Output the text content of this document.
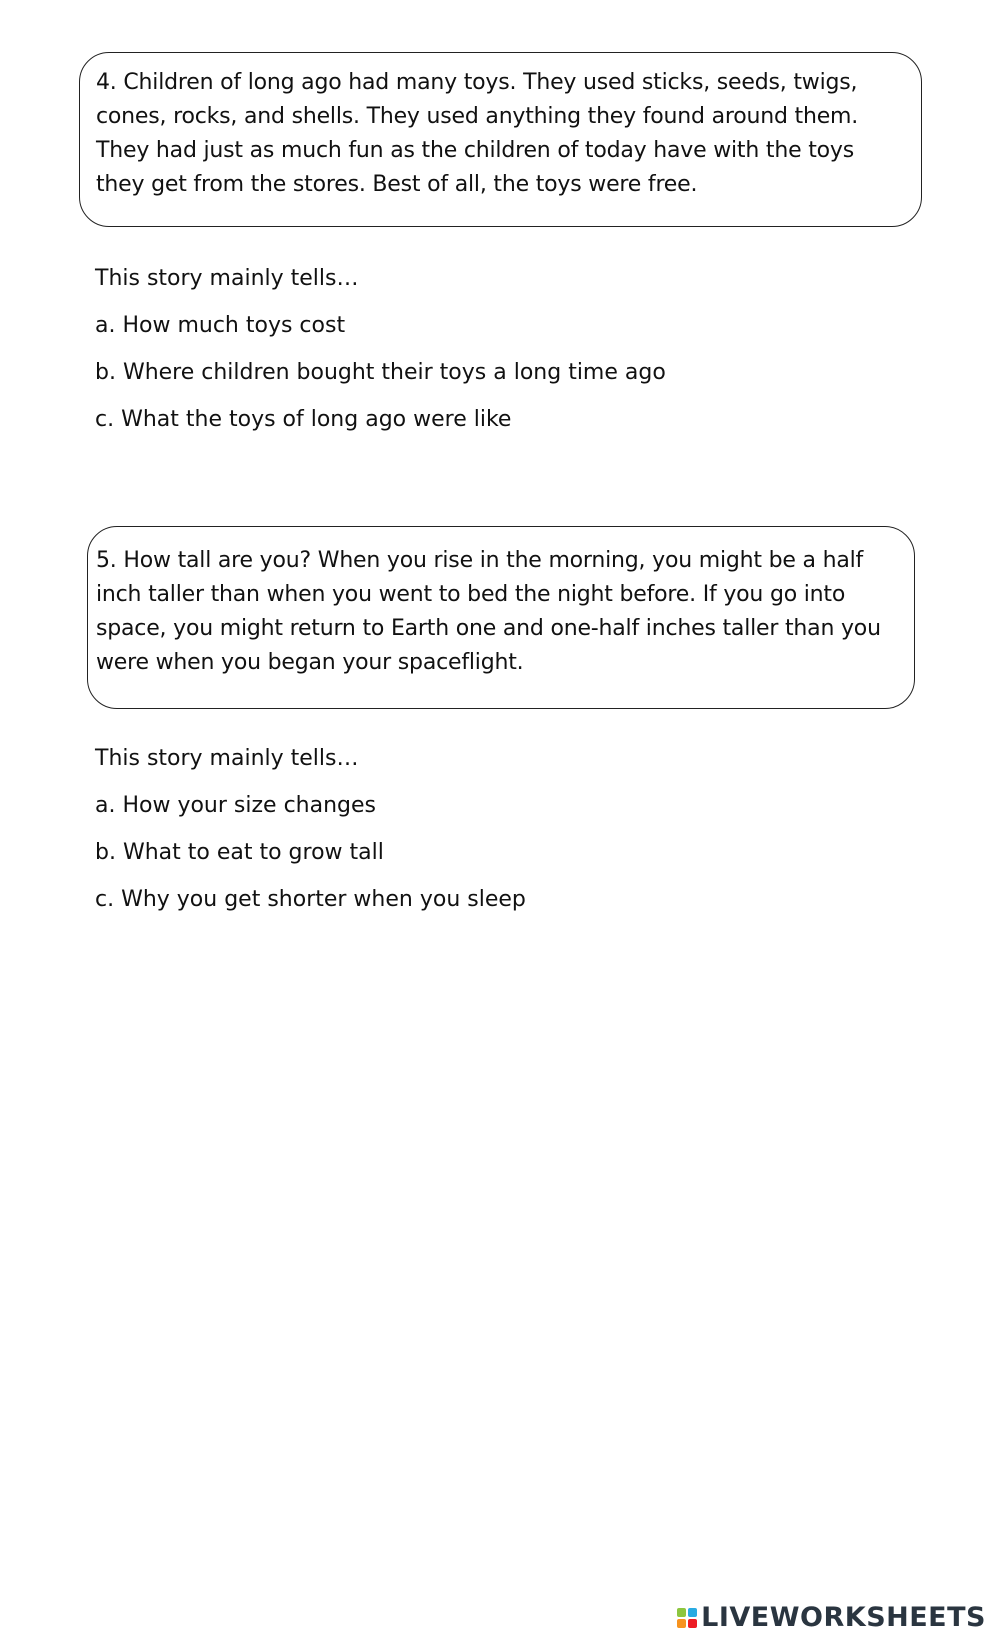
4. Children of long ago had many toys. They used sticks, seeds, twigs, cones, rocks, and shells. They used anything they found around them. They had just as much fun as the children of today have with the toys they get from the stores. Best of all, the toys were free.

This story mainly tells…

a. How much toys cost

b. Where children bought their toys a long time ago

c. What the toys of long ago were like

5. How tall are you? When you rise in the morning, you might be a half inch taller than when you went to bed the night before. If you go into space, you might return to Earth one and one-half inches taller than you were when you began your spaceflight.

This story mainly tells…

a. How your size changes

b. What to eat to grow tall

c. Why you get shorter when you sleep

LIVEWORKSHEETS
